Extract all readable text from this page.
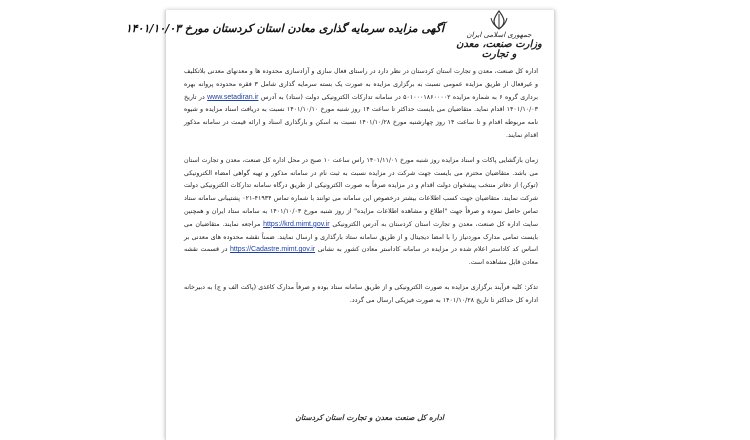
جمهوری اسلامی ایران
وزارت صنعت، معدن و تجارت
آگهی مزایده سرمایه گذاری معادن استان کردستان مورخ ۱۴۰۱/۱۰/۰۳

اداره کل صنعت، معدن و تجارت استان کردستان در نظر دارد در راستای فعال سازی و آزادسازی محدوده ها و معدنهای معدنی بلاتکلیف و غیرفعال از طریق مزایده عمومی نسبت به برگزاری مزایده به صورت یک بسته سرمایه گذاری شامل ۳ فقره محدوده پروانه بهره برداری گروه ۶ به شماره مزایده ۵۰۱۰۰۰۱۸۶۰۰۰۰۲ در سامانه تدارکات الکترونیکی دولت (ستاد) به آدرس www.setadiran.ir در تاریخ ۱۴۰۱/۱۰/۰۳ اقدام نماید. متقاضیان می بایست حداکثر تا ساعت ۱۴ روز شنبه مورخ ۱۴۰۱/۱۰/۱۰ نسبت به دریافت اسناد مزایده و شیوه نامه مربوطه اقدام و تا ساعت ۱۴ روز چهارشنبه مورخ ۱۴۰۱/۱۰/۲۸ نسبت به اسکن و بارگذاری اسناد و ارائه قیمت در سامانه مذکور اقدام نمایند.

زمان بازگشایی پاکات و اسناد مزایده روز شنبه مورخ ۱۴۰۱/۱۱/۰۱ راس ساعت ۱۰ صبح در محل اداره کل صنعت، معدن و تجارت استان می باشد. متقاضیان محترم می بایست جهت شرکت در مزایده نسبت به ثبت نام در سامانه مذکور و تهیه گواهی امضاء الکترونیکی (توکن) از دفاتر منتخب پیشخوان دولت اقدام و در مزایده صرفاً به صورت الکترونیکی از طریق درگاه سامانه تدارکات الکترونیکی دولت شرکت نمایند. متقاضیان جهت کسب اطلاعات بیشتر درخصوص این سامانه می توانند با شماره تماس ۴۱۹۳۴-۰۲۱ پشتیبانی سامانه ستاد تماس حاصل نموده و صرفاً جهت "اطلاع و مشاهده اطلاعات مزایده" از روز شنبه مورخ ۱۴۰۱/۱۰/۰۳ به سامانه ستاد ایران و همچنین سایت اداره کل صنعت، معدن و تجارت استان کردستان به آدرس الکترونیکی https://krd.mimt.gov.ir مراجعه نمایند. متقاضیان می بایست تمامی مدارک موردنیاز را با امضا دیجیتال و از طریق سامانه ستاد بارگذاری و ارسال نمایند. ضمناً نقشه محدوده های معدنی بر اساس کد کاداستر اعلام شده در مزایده در سامانه کاداستر معادن کشور به نشانی https://Cadastre.mimt.gov.ir در قسمت نقشه معادن قابل مشاهده است.

تذکر: کلیه فرآیند برگزاری مزایده به صورت الکترونیکی و از طریق سامانه ستاد بوده و صرفاً مدارک کاغذی (پاکت الف و ج) به دبیرخانه اداره کل حداکثر تا تاریخ ۱۴۰۱/۱۰/۲۸ به صورت فیزیکی ارسال می گردد.

اداره کل صنعت معدن و تجارت استان کردستان
